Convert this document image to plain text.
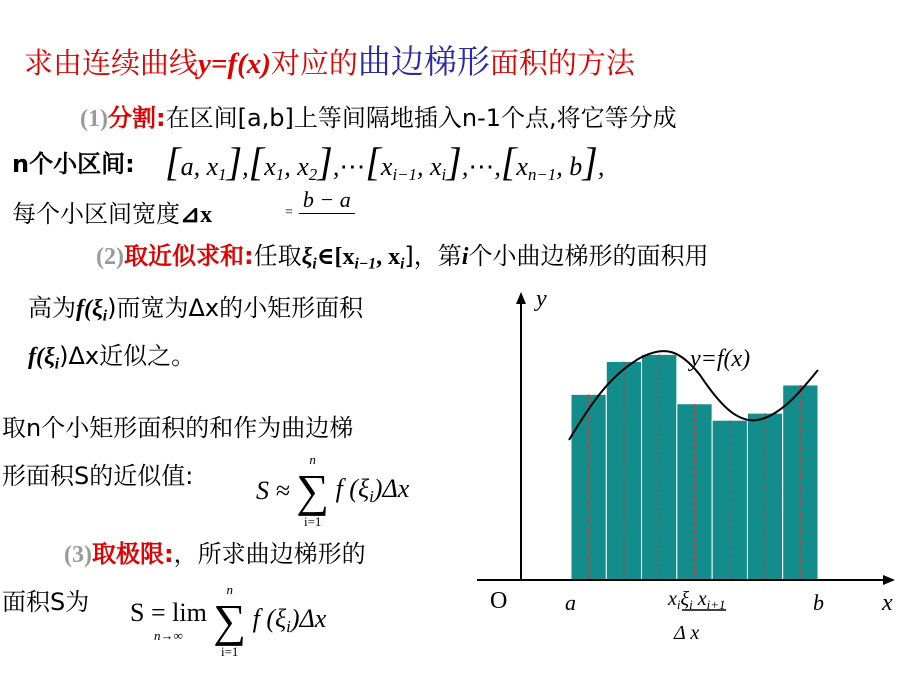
求由连续曲线y=f(x)对应的曲边梯形面积的方法
(1)分割:在区间[a,b]上等间隔地插入n-1个点,将它等分成
n个小区间: [a, $x_1],[x_1$, $x_2],\cdots[x_{i-1}$, $x_i],\cdots,[x_{n-1}$, b],
每个小区间宽度⊿x	$_=$
b − a
(2)取近似求和:任取$\xi_i\in[x_{i-1}$, $x_i$]，第i个小曲边梯形的面积用
高为$f(\xi_i)$而宽为Δx的小矩形面积
$f(\xi_i)\Delta x$近似之。
取n个小矩形面积的和作为曲边梯
形面积S的近似值: S ≈
n
∑
i=1
f $(\xi_i)\Delta x$
(3)取极限:，所求曲边梯形的
面积S为 S = lim
n→∞

n
∑
i=1
f $(\xi_i)\Delta x$
y
x
O	a	b
y=f(x)
$x_i\xi_i$ $x_{i+1}$
Δ x
